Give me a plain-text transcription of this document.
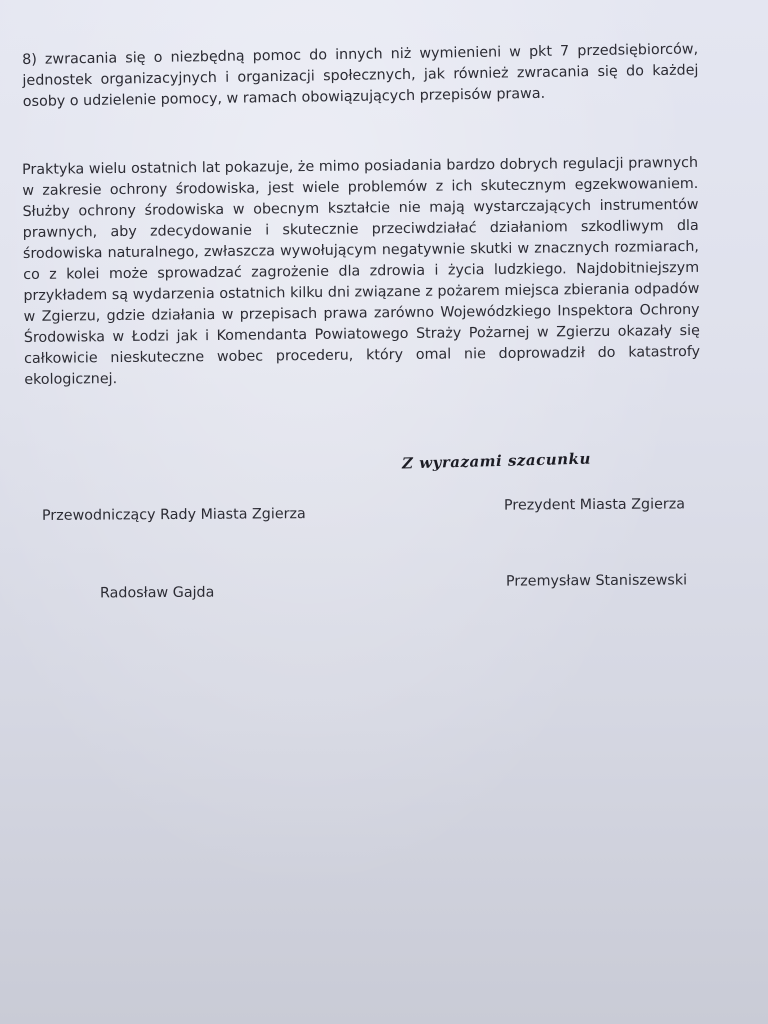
8) zwracania się o niezbędną pomoc do innych niż wymienieni w pkt 7 przedsiębiorców, jednostek organizacyjnych i organizacji społecznych, jak również zwracania się do każdej osoby o udzielenie pomocy, w ramach obowiązujących przepisów prawa.
Praktyka wielu ostatnich lat pokazuje, że mimo posiadania bardzo dobrych regulacji prawnych w zakresie ochrony środowiska, jest wiele problemów z ich skutecznym egzekwowaniem. Służby ochrony środowiska w obecnym kształcie nie mają wystarczających instrumentów prawnych, aby zdecydowanie i skutecznie przeciwdziałać działaniom szkodliwym dla środowiska naturalnego, zwłaszcza wywołującym negatywnie skutki w znacznych rozmiarach, co z kolei może sprowadzać zagrożenie dla zdrowia i życia ludzkiego. Najdobitniejszym przykładem są wydarzenia ostatnich kilku dni związane z pożarem miejsca zbierania odpadów w Zgierzu, gdzie działania w przepisach prawa zarówno Wojewódzkiego Inspektora Ochrony Środowiska w Łodzi jak i Komendanta Powiatowego Straży Pożarnej w Zgierzu okazały się całkowicie nieskuteczne wobec procederu, który omal nie doprowadził do katastrofy ekologicznej.
Z wyrazami szacunku
Przewodniczący Rady Miasta Zgierza
Prezydent Miasta Zgierza
Radosław Gajda
Przemysław Staniszewski
